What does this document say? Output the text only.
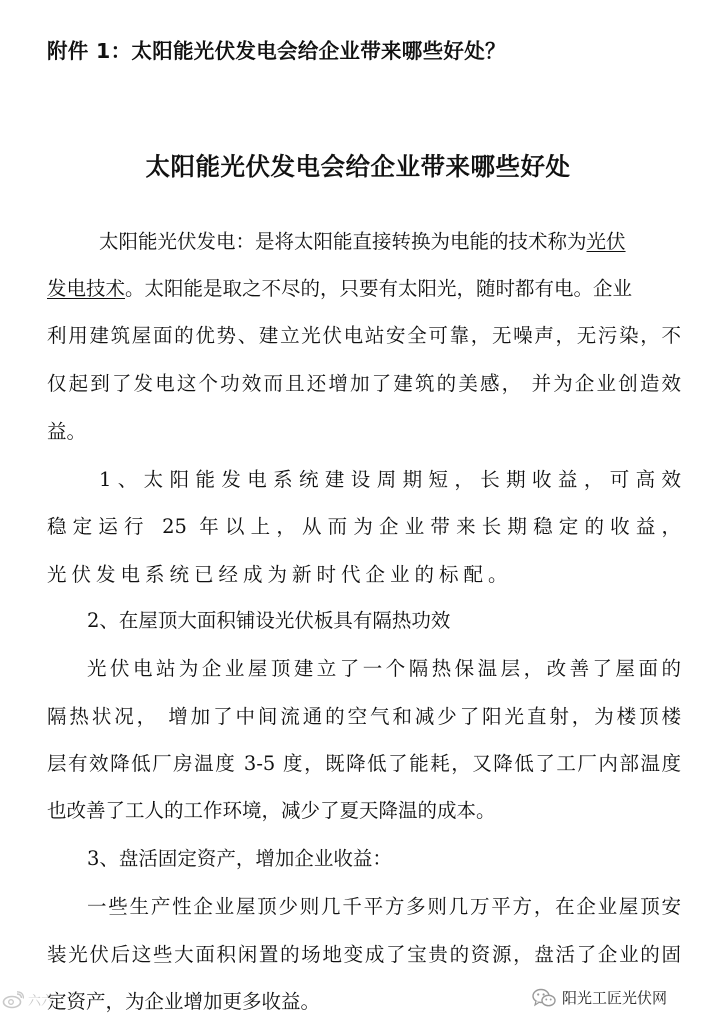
附件 1：太阳能光伏发电会给企业带来哪些好处？
太阳能光伏发电会给企业带来哪些好处
太阳能光伏发电：是将太阳能直接转换为电能的技术称为光伏
发电技术。太阳能是取之不尽的，只要有太阳光，随时都有电。企业
利用建筑屋面的优势、建立光伏电站安全可靠，无噪声，无污染，不
仅起到了发电这个功效而且还增加了建筑的美感， 并为企业创造效
益。
1、太阳能发电系统建设周期短，长期收益，可高效
稳定运行 25 年以上，从而为企业带来长期稳定的收益，
光伏发电系统已经成为新时代企业的标配。
2、在屋顶大面积铺设光伏板具有隔热功效
光伏电站为企业屋顶建立了一个隔热保温层，改善了屋面的
隔热状况， 增加了中间流通的空气和减少了阳光直射，为楼顶楼
层有效降低厂房温度 3-5 度，既降低了能耗，又降低了工厂内部温度
也改善了工人的工作环境，减少了夏天降温的成本。
3、盘活固定资产，增加企业收益：
一些生产性企业屋顶少则几千平方多则几万平方，在企业屋顶安
装光伏后这些大面积闲置的场地变成了宝贵的资源，盘活了企业的固
定资产，为企业增加更多收益。
六六	阳光工匠光伏网
